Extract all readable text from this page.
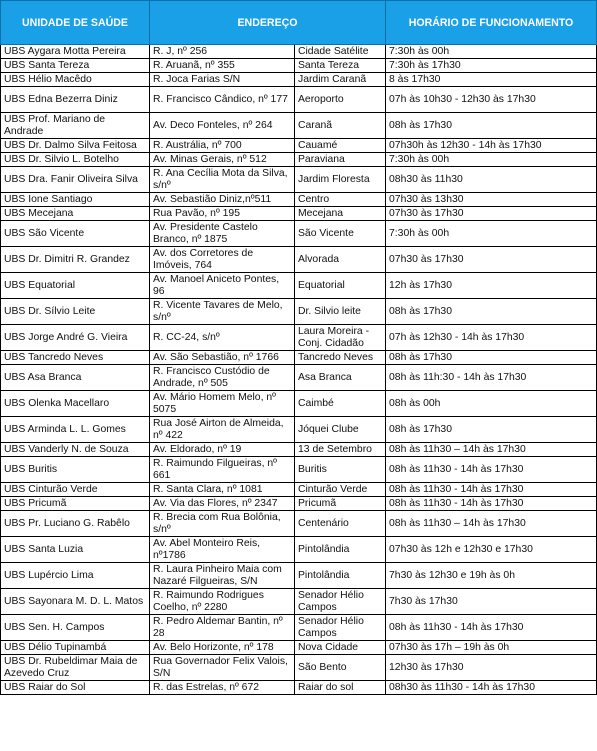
UNIDADE DE SAÚDE	ENDEREÇO		HORÁRIO DE FUNCIONAMENTO
UBS Aygara Motta Pereira	R. J, nº 256	Cidade Satélite	7:30h às 00h
UBS Santa Tereza	R. Aruanã, nº 355	Santa Tereza	7:30h às 17h30
UBS Hélio Macêdo	R. Joca Farias S/N	Jardim Caranã	8 às 17h30
UBS Edna Bezerra Diniz	R. Francisco Cândico, nº 177	Aeroporto	07h às 10h30 - 12h30 às 17h30
UBS Prof. Mariano de Andrade	Av. Deco Fonteles, nº 264	Caranã	08h às 17h30
UBS Dr. Dalmo Silva Feitosa	R. Austrália, nº 700	Cauamé	07h30h às 12h30 - 14h às 17h30
UBS Dr. Silvio L. Botelho	Av. Minas Gerais, nº 512	Paraviana	7:30h às 00h
UBS Dra. Fanir Oliveira Silva	R. Ana Cecília Mota da Silva, s/nº	Jardim Floresta	08h30 às 11h30
UBS Ione Santiago	Av. Sebastião Diniz,nº511	Centro	07h30 às 13h30
UBS Mecejana	Rua Pavão, nº 195	Mecejana	07h30 às 17h30
UBS São Vicente	Av. Presidente Castelo Branco, nº 1875	São Vicente	7:30h às 00h
UBS Dr. Dimitri R. Grandez	Av. dos Corretores de Imóveis, 764	Alvorada	07h30 às 17h30
UBS Equatorial	Av. Manoel Aniceto Pontes, 96	Equatorial	12h às 17h30
UBS Dr. Sílvio Leite	R. Vicente Tavares de Melo, s/nº	Dr. Silvio leite	08h às 17h30
UBS Jorge André G. Vieira	R. CC-24, s/nº	Laura Moreira - Conj. Cidadão	07h às 12h30 - 14h às 17h30
UBS Tancredo Neves	Av. São Sebastião, nº 1766	Tancredo Neves	08h às 17h30
UBS Asa Branca	R. Francisco Custódio de Andrade, nº 505	Asa Branca	08h às 11h:30 - 14h às 17h30
UBS Olenka Macellaro	Av. Mário Homem Melo, nº 5075	Caimbé	08h às 00h
UBS Arminda L. L. Gomes	Rua José Airton de Almeida, nº 422	Jóquei Clube	08h às 17h30
UBS Vanderly N. de Souza	Av. Eldorado, nº 19	13 de Setembro	08h às 11h30 – 14h às 17h30
UBS Buritis	R. Raimundo Filgueiras, nº 661	Buritis	08h às 11h30 - 14h às 17h30
UBS Cinturão Verde	R. Santa Clara, nº 1081	Cinturão Verde	08h às 11h30 - 14h às 17h30
UBS Pricumã	Av. Via das Flores, nº 2347	Pricumã	08h às 11h30 - 14h às 17h30
UBS Pr. Luciano G. Rabêlo	R. Brecia com Rua Bolônia, s/nº	Centenário	08h às 11h30 – 14h às 17h30
UBS Santa Luzia	Av. Abel Monteiro Reis, nº1786	Pintolândia	07h30 às 12h e 12h30 e 17h30
UBS Lupércio Lima	R. Laura Pinheiro Maia com Nazaré Filgueiras, S/N	Pintolândia	7h30 às 12h30 e 19h às 0h
UBS Sayonara M. D. L. Matos	R. Raimundo Rodrigues Coelho, nº 2280	Senador Hélio Campos	7h30 às 17h30
UBS Sen. H. Campos	R. Pedro Aldemar Bantin, nº 28	Senador Hélio Campos	08h às 11h30 - 14h às 17h30
UBS Délio Tupinambá	Av. Belo Horizonte, nº 178	Nova Cidade	07h30 às 17h – 19h às 0h
UBS Dr. Rubeldimar Maia de Azevedo Cruz	Rua Governador Felix Valois, S/N	São Bento	12h30 às 17h30
UBS Raiar do Sol	R. das Estrelas, nº 672	Raiar do sol	08h30 às 11h30 - 14h às 17h30
